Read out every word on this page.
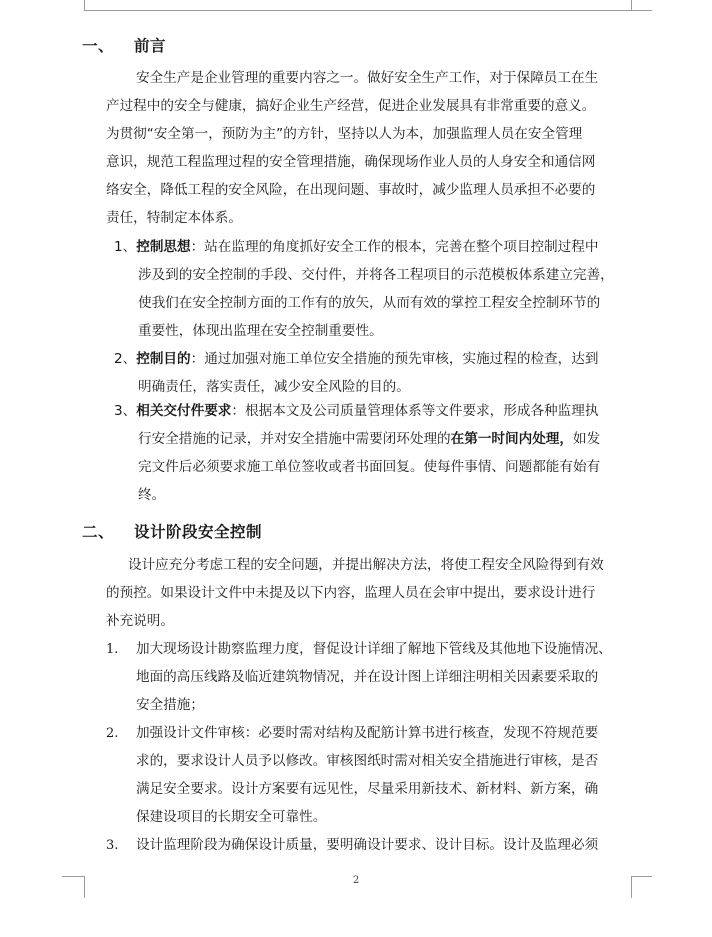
一、 前言
安全生产是企业管理的重要内容之一。做好安全生产工作，对于保障员工在生
产过程中的安全与健康，搞好企业生产经营，促进企业发展具有非常重要的意义。
为贯彻“安全第一，预防为主”的方针，坚持以人为本，加强监理人员在安全管理
意识，规范工程监理过程的安全管理措施，确保现场作业人员的人身安全和通信网
络安全，降低工程的安全风险，在出现问题、事故时，减少监理人员承担不必要的
责任，特制定本体系。
1、控制思想：站在监理的角度抓好安全工作的根本，完善在整个项目控制过程中
涉及到的安全控制的手段、交付件，并将各工程项目的示范模板体系建立完善，
使我们在安全控制方面的工作有的放矢，从而有效的掌控工程安全控制环节的
重要性，体现出监理在安全控制重要性。
2、控制目的：通过加强对施工单位安全措施的预先审核，实施过程的检查，达到
明确责任，落实责任，减少安全风险的目的。
3、相关交付件要求：根据本文及公司质量管理体系等文件要求，形成各种监理执
行安全措施的记录，并对安全措施中需要闭环处理的在第一时间内处理，如发
完文件后必须要求施工单位签收或者书面回复。使每件事情、问题都能有始有
终。
二、 设计阶段安全控制
设计应充分考虑工程的安全问题，并提出解决方法，将使工程安全风险得到有效
的预控。如果设计文件中未提及以下内容，监理人员在会审中提出，要求设计进行
补充说明。
1. 加大现场设计勘察监理力度，督促设计详细了解地下管线及其他地下设施情况、
地面的高压线路及临近建筑物情况，并在设计图上详细注明相关因素要采取的
安全措施；
2. 加强设计文件审核：必要时需对结构及配筋计算书进行核查，发现不符规范要
求的，要求设计人员予以修改。审核图纸时需对相关安全措施进行审核，是否
满足安全要求。设计方案要有远见性，尽量采用新技术、新材料、新方案，确
保建设项目的长期安全可靠性。
3. 设计监理阶段为确保设计质量，要明确设计要求、设计目标。设计及监理必须
2
